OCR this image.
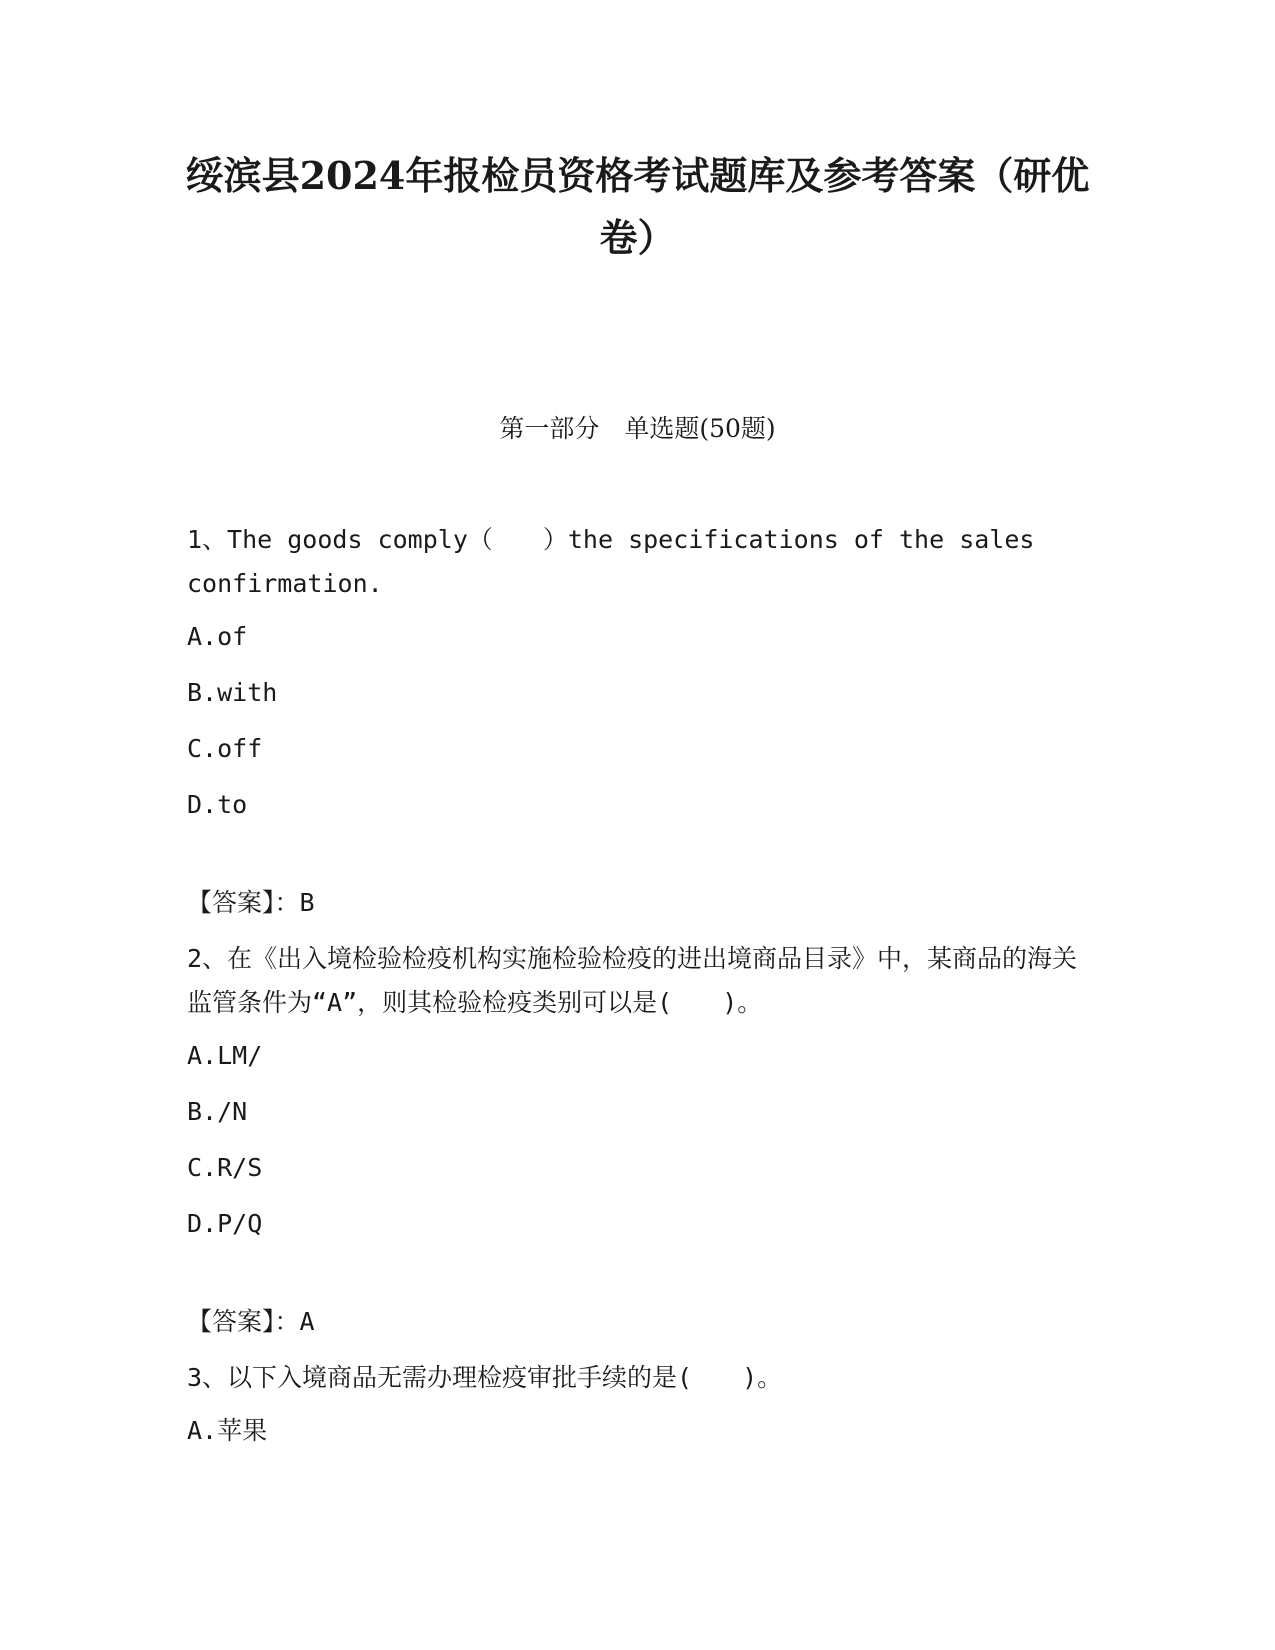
绥滨县2024年报检员资格考试题库及参考答案（研优卷）

第一部分　单选题(50题)

1、The goods comply（　　）the specifications of the sales confirmation.

A.of

B.with

C.off

D.to

【答案】：B

2、在《出入境检验检疫机构实施检验检疫的进出境商品目录》中，某商品的海关监管条件为“A”，则其检验检疫类别可以是(　　)。

A.LM/

B./N

C.R/S

D.P/Q

【答案】：A

3、以下入境商品无需办理检疫审批手续的是(　　)。

A.苹果
